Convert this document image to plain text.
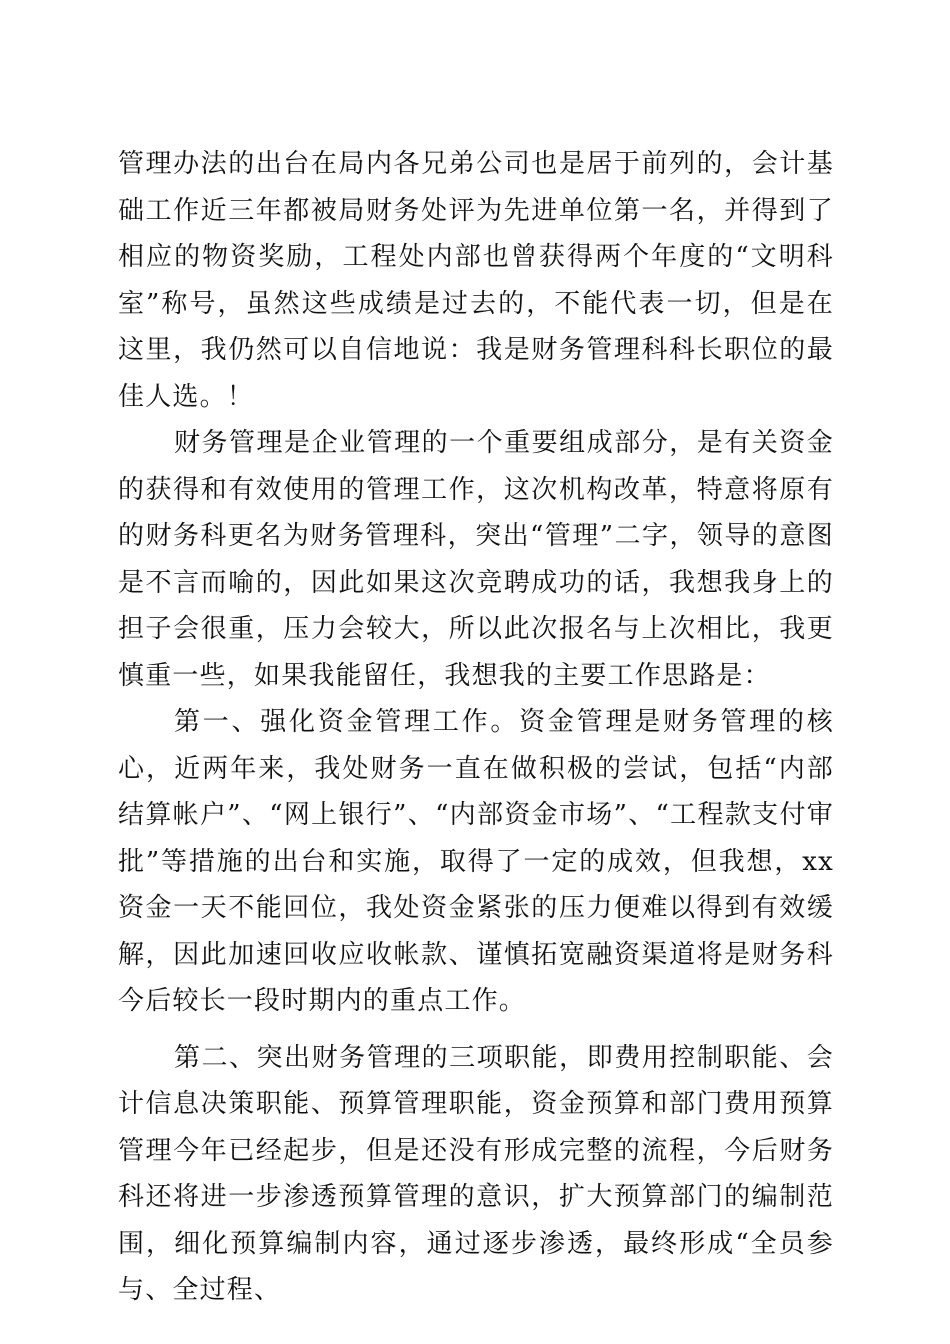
管理办法的出台在局内各兄弟公司也是居于前列的，会计基础工作近三年都被局财务处评为先进单位第一名，并得到了相应的物资奖励，工程处内部也曾获得两个年度的“文明科室”称号，虽然这些成绩是过去的，不能代表一切，但是在这里，我仍然可以自信地说：我是财务管理科科长职位的最佳人选。！

财务管理是企业管理的一个重要组成部分，是有关资金的获得和有效使用的管理工作，这次机构改革，特意将原有的财务科更名为财务管理科，突出“管理”二字，领导的意图是不言而喻的，因此如果这次竞聘成功的话，我想我身上的担子会很重，压力会较大，所以此次报名与上次相比，我更慎重一些，如果我能留任，我想我的主要工作思路是：

第一、强化资金管理工作。资金管理是财务管理的核心，近两年来，我处财务一直在做积极的尝试，包括“内部结算帐户”、“网上银行”、“内部资金市场”、“工程款支付审批”等措施的出台和实施，取得了一定的成效，但我想，xx资金一天不能回位，我处资金紧张的压力便难以得到有效缓解，因此加速回收应收帐款、谨慎拓宽融资渠道将是财务科今后较长一段时期内的重点工作。

第二、突出财务管理的三项职能，即费用控制职能、会计信息决策职能、预算管理职能，资金预算和部门费用预算管理今年已经起步，但是还没有形成完整的流程，今后财务科还将进一步渗透预算管理的意识，扩大预算部门的编制范围，细化预算编制内容，通过逐步渗透，最终形成“全员参与、全过程、
